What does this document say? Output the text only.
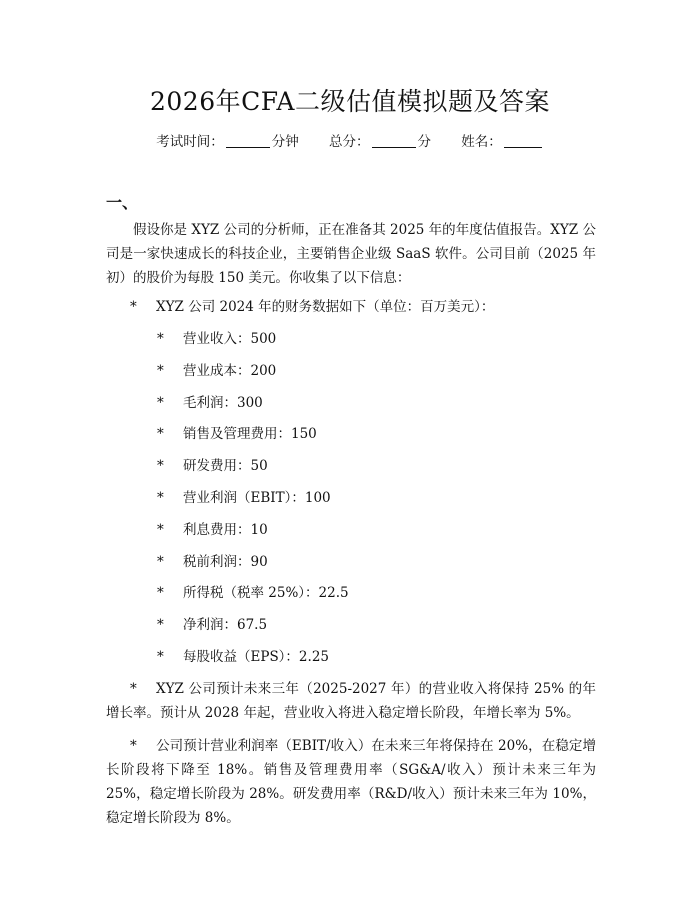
2026年CFA二级估值模拟题及答案
考试时间：	分钟 总分：	分 姓名：
一、
假设你是 XYZ 公司的分析师，正在准备其 2025 年的年度估值报告。XYZ 公司是一家快速成长的科技企业，主要销售企业级 SaaS 软件。公司目前（2025 年初）的股价为每股 150 美元。你收集了以下信息：
* XYZ 公司 2024 年的财务数据如下（单位：百万美元）：
* 营业收入：500
* 营业成本：200
* 毛利润：300
* 销售及管理费用：150
* 研发费用：50
* 营业利润（EBIT）：100
* 利息费用：10
* 税前利润：90
* 所得税（税率 25%）：22.5
* 净利润：67.5
* 每股收益（EPS）：2.25
* XYZ 公司预计未来三年（2025-2027 年）的营业收入将保持 25% 的年增长率。预计从 2028 年起，营业收入将进入稳定增长阶段，年增长率为 5%。
* 公司预计营业利润率（EBIT/收入）在未来三年将保持在 20%，在稳定增长阶段将下降至 18%。销售及管理费用率（SG&A/收入）预计未来三年为 25%，稳定增长阶段为 28%。研发费用率（R&D/收入）预计未来三年为 10%，稳定增长阶段为 8%。
